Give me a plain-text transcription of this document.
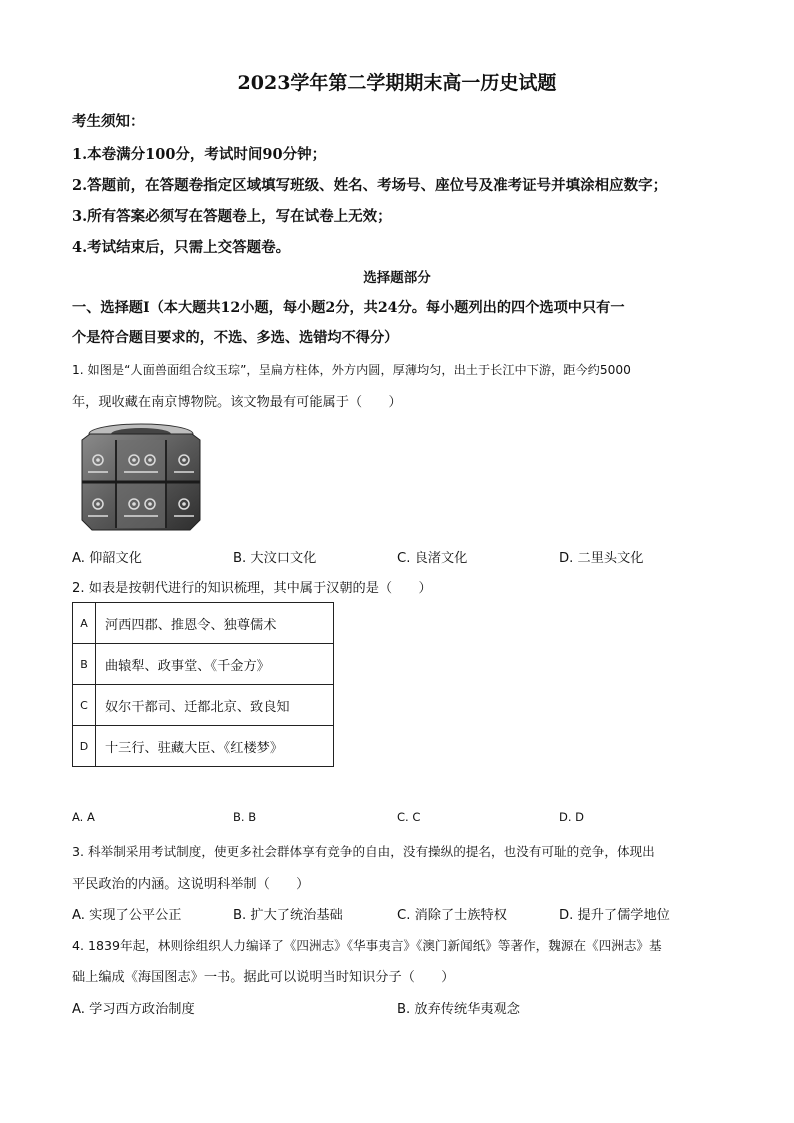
2023学年第二学期期末高一历史试题
考生须知：
1.本卷满分100分，考试时间90分钟；
2.答题前，在答题卷指定区域填写班级、姓名、考场号、座位号及准考证号并填涂相应数字；
3.所有答案必须写在答题卷上，写在试卷上无效；
4.考试结束后，只需上交答题卷。
选择题部分
一、选择题Ⅰ（本大题共12小题，每小题2分，共24分。每小题列出的四个选项中只有一
个是符合题目要求的，不选、多选、选错均不得分）
1. 如图是“人面兽面组合纹玉琮”，呈扁方柱体，外方内圆，厚薄均匀，出土于长江中下游，距今约5000
年，现收藏在南京博物院。该文物最有可能属于（　　）
A. 仰韶文化	B. 大汶口文化	C. 良渚文化	D. 二里头文化
2. 如表是按朝代进行的知识梳理，其中属于汉朝的是（　　）
A	河西四郡、推恩令、独尊儒术
B	曲辕犁、政事堂、《千金方》
C	奴尔干都司、迁都北京、致良知
D	十三行、驻藏大臣、《红楼梦》
A. A	B. B	C. C	D. D
3. 科举制采用考试制度，使更多社会群体享有竞争的自由，没有操纵的提名，也没有可耻的竞争，体现出
平民政治的内涵。这说明科举制（　　）
A. 实现了公平公正	B. 扩大了统治基础	C. 消除了士族特权	D. 提升了儒学地位
4. 1839年起，林则徐组织人力编译了《四洲志》《华事夷言》《澳门新闻纸》等著作，魏源在《四洲志》基
础上编成《海国图志》一书。据此可以说明当时知识分子（　　）
A. 学习西方政治制度	B. 放弃传统华夷观念
